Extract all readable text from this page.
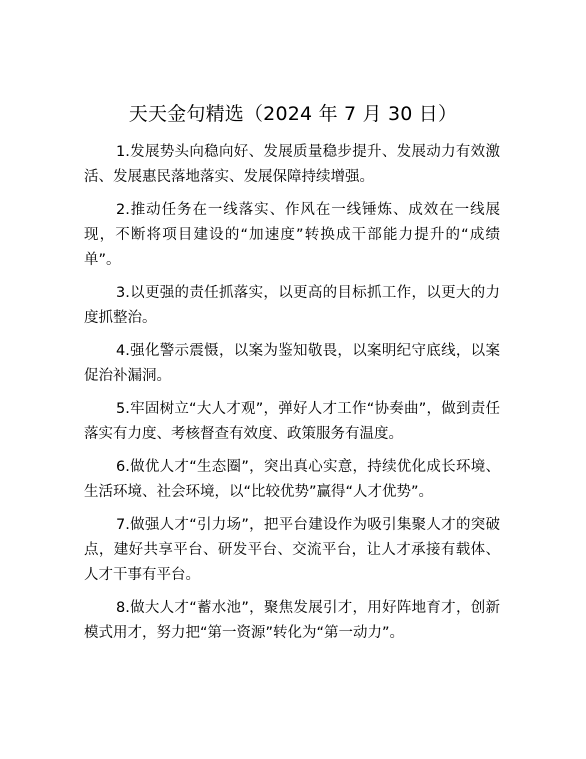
天天金句精选（2024 年 7 月 30 日）

1.发展势头向稳向好、发展质量稳步提升、发展动力有效激活、发展惠民落地落实、发展保障持续增强。

2.推动任务在一线落实、作风在一线锤炼、成效在一线展现，不断将项目建设的“加速度”转换成干部能力提升的“成绩单”。

3.以更强的责任抓落实，以更高的目标抓工作，以更大的力度抓整治。

4.强化警示震慑，以案为鉴知敬畏，以案明纪守底线，以案促治补漏洞。

5.牢固树立“大人才观”，弹好人才工作“协奏曲”，做到责任落实有力度、考核督查有效度、政策服务有温度。

6.做优人才“生态圈”，突出真心实意，持续优化成长环境、生活环境、社会环境，以“比较优势”赢得“人才优势”。

7.做强人才“引力场”，把平台建设作为吸引集聚人才的突破点，建好共享平台、研发平台、交流平台，让人才承接有载体、人才干事有平台。

8.做大人才“蓄水池”，聚焦发展引才，用好阵地育才，创新模式用才，努力把“第一资源”转化为“第一动力”。
